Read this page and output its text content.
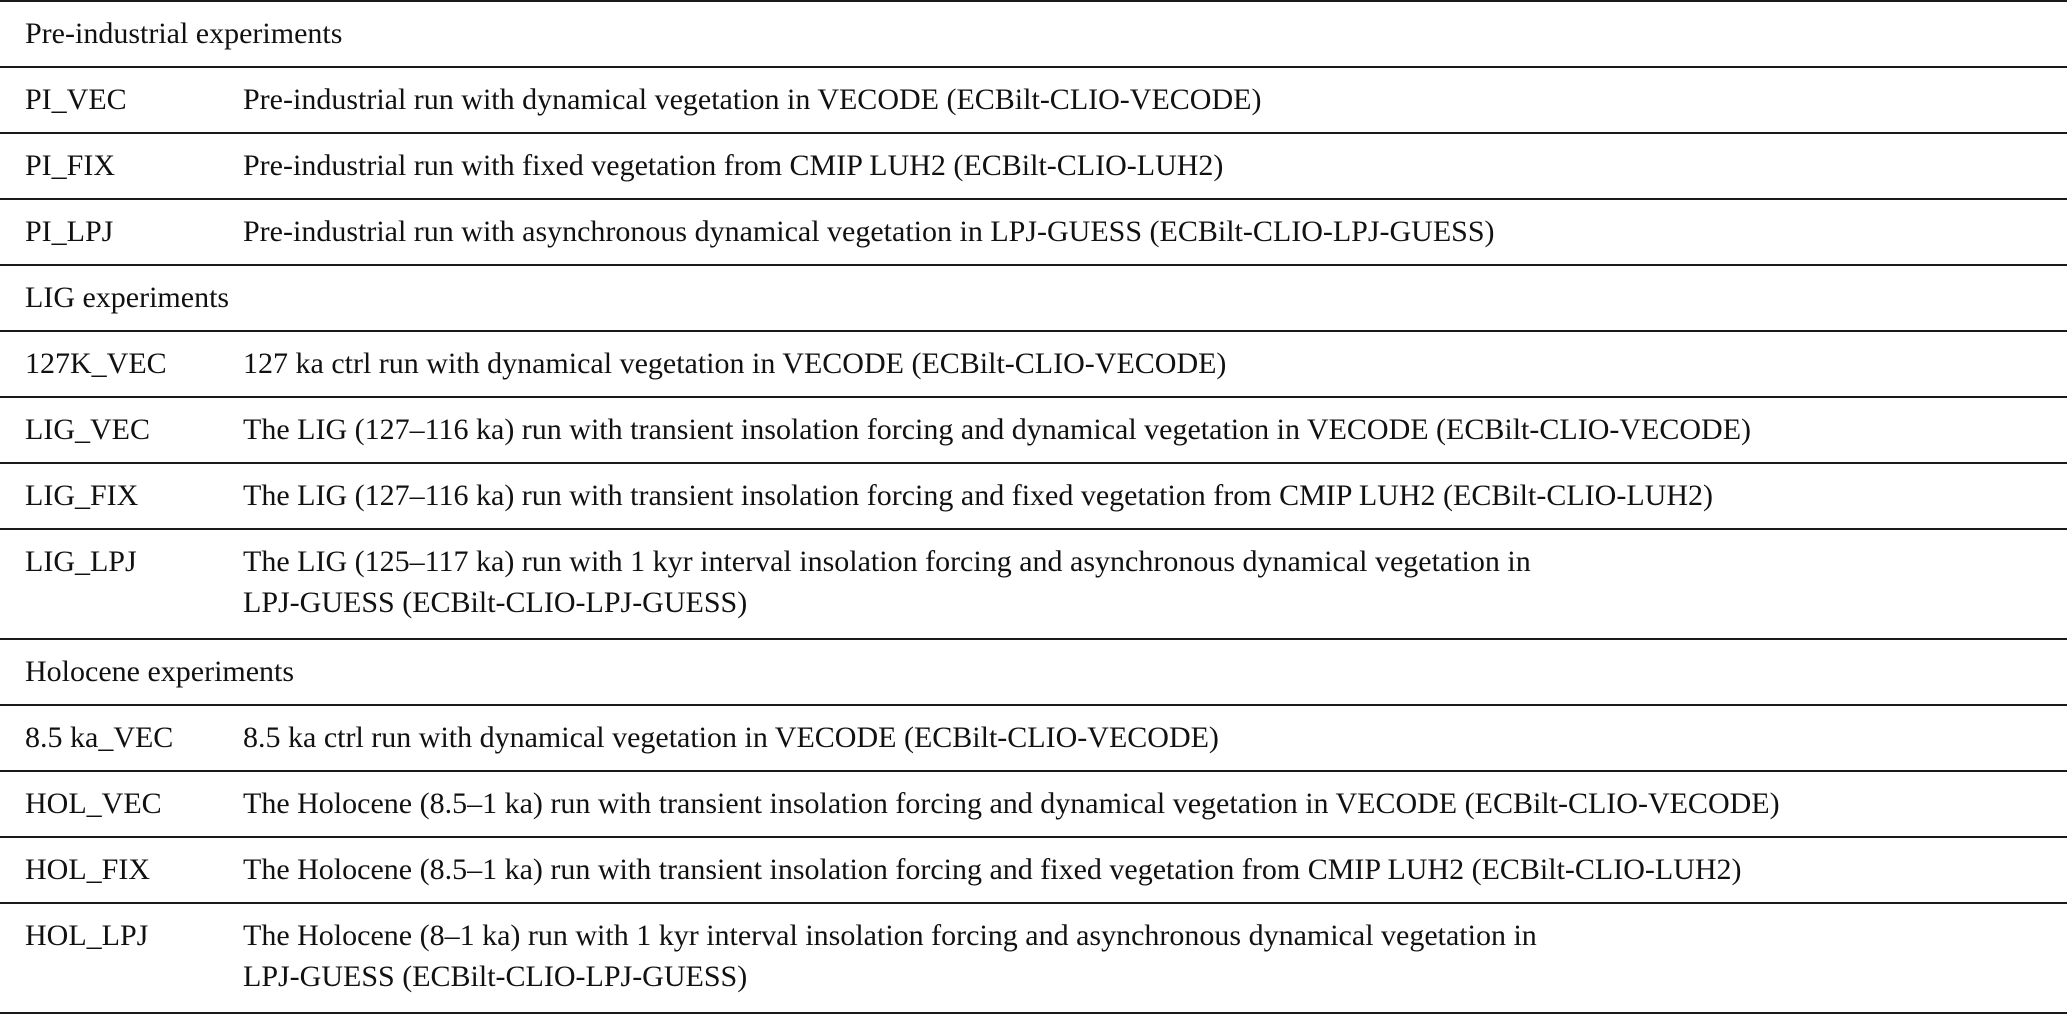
Pre-industrial experiments	
PI_VEC	Pre-industrial run with dynamical vegetation in VECODE (ECBilt-CLIO-VECODE)
PI_FIX	Pre-industrial run with fixed vegetation from CMIP LUH2 (ECBilt-CLIO-LUH2)
PI_LPJ	Pre-industrial run with asynchronous dynamical vegetation in LPJ-GUESS (ECBilt-CLIO-LPJ-GUESS)
LIG experiments	
127K_VEC	127 ka ctrl run with dynamical vegetation in VECODE (ECBilt-CLIO-VECODE)
LIG_VEC	The LIG (127–116 ka) run with transient insolation forcing and dynamical vegetation in VECODE (ECBilt-CLIO-VECODE)
LIG_FIX	The LIG (127–116 ka) run with transient insolation forcing and fixed vegetation from CMIP LUH2 (ECBilt-CLIO-LUH2)
LIG_LPJ	The LIG (125–117 ka) run with 1 kyr interval insolation forcing and asynchronous dynamical vegetation in
LPJ-GUESS (ECBilt-CLIO-LPJ-GUESS)

Holocene experiments	
8.5 ka_VEC	8.5 ka ctrl run with dynamical vegetation in VECODE (ECBilt-CLIO-VECODE)
HOL_VEC	The Holocene (8.5–1 ka) run with transient insolation forcing and dynamical vegetation in VECODE (ECBilt-CLIO-VECODE)
HOL_FIX	The Holocene (8.5–1 ka) run with transient insolation forcing and fixed vegetation from CMIP LUH2 (ECBilt-CLIO-LUH2)
HOL_LPJ	The Holocene (8–1 ka) run with 1 kyr interval insolation forcing and asynchronous dynamical vegetation in
LPJ-GUESS (ECBilt-CLIO-LPJ-GUESS)
